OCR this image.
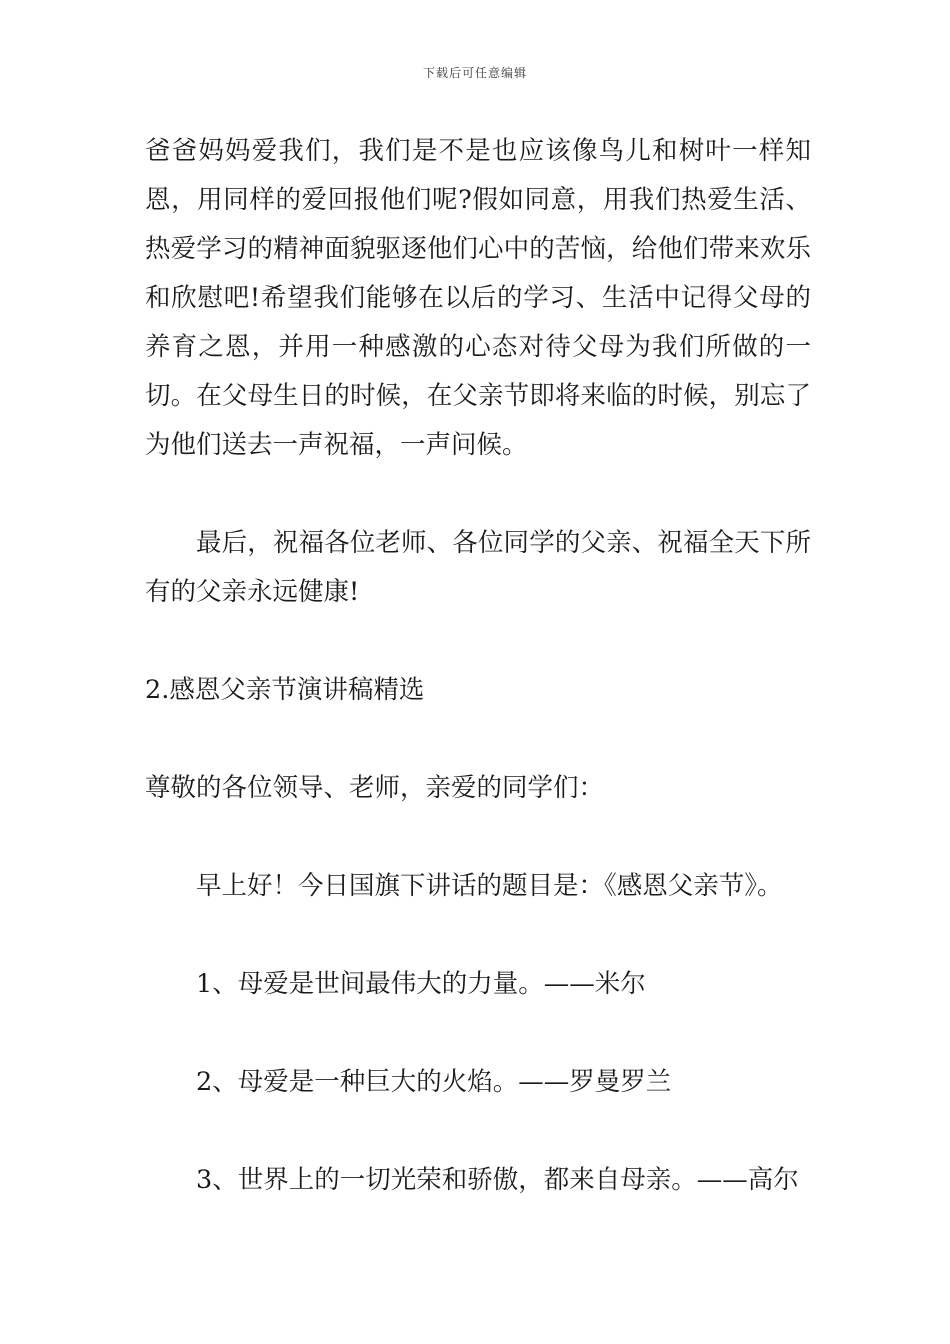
下载后可任意编辑

爸爸妈妈爱我们，我们是不是也应该像鸟儿和树叶一样知恩，用同样的爱回报他们呢?假如同意，用我们热爱生活、热爱学习的精神面貌驱逐他们心中的苦恼，给他们带来欢乐和欣慰吧!希望我们能够在以后的学习、生活中记得父母的养育之恩，并用一种感激的心态对待父母为我们所做的一切。在父母生日的时候，在父亲节即将来临的时候，别忘了为他们送去一声祝福，一声问候。

最后，祝福各位老师、各位同学的父亲、祝福全天下所有的父亲永远健康!

2.感恩父亲节演讲稿精选

尊敬的各位领导、老师，亲爱的同学们：

早上好！今日国旗下讲话的题目是：《感恩父亲节》。

1、母爱是世间最伟大的力量。——米尔

2、母爱是一种巨大的火焰。——罗曼罗兰

3、世界上的一切光荣和骄傲，都来自母亲。——高尔
